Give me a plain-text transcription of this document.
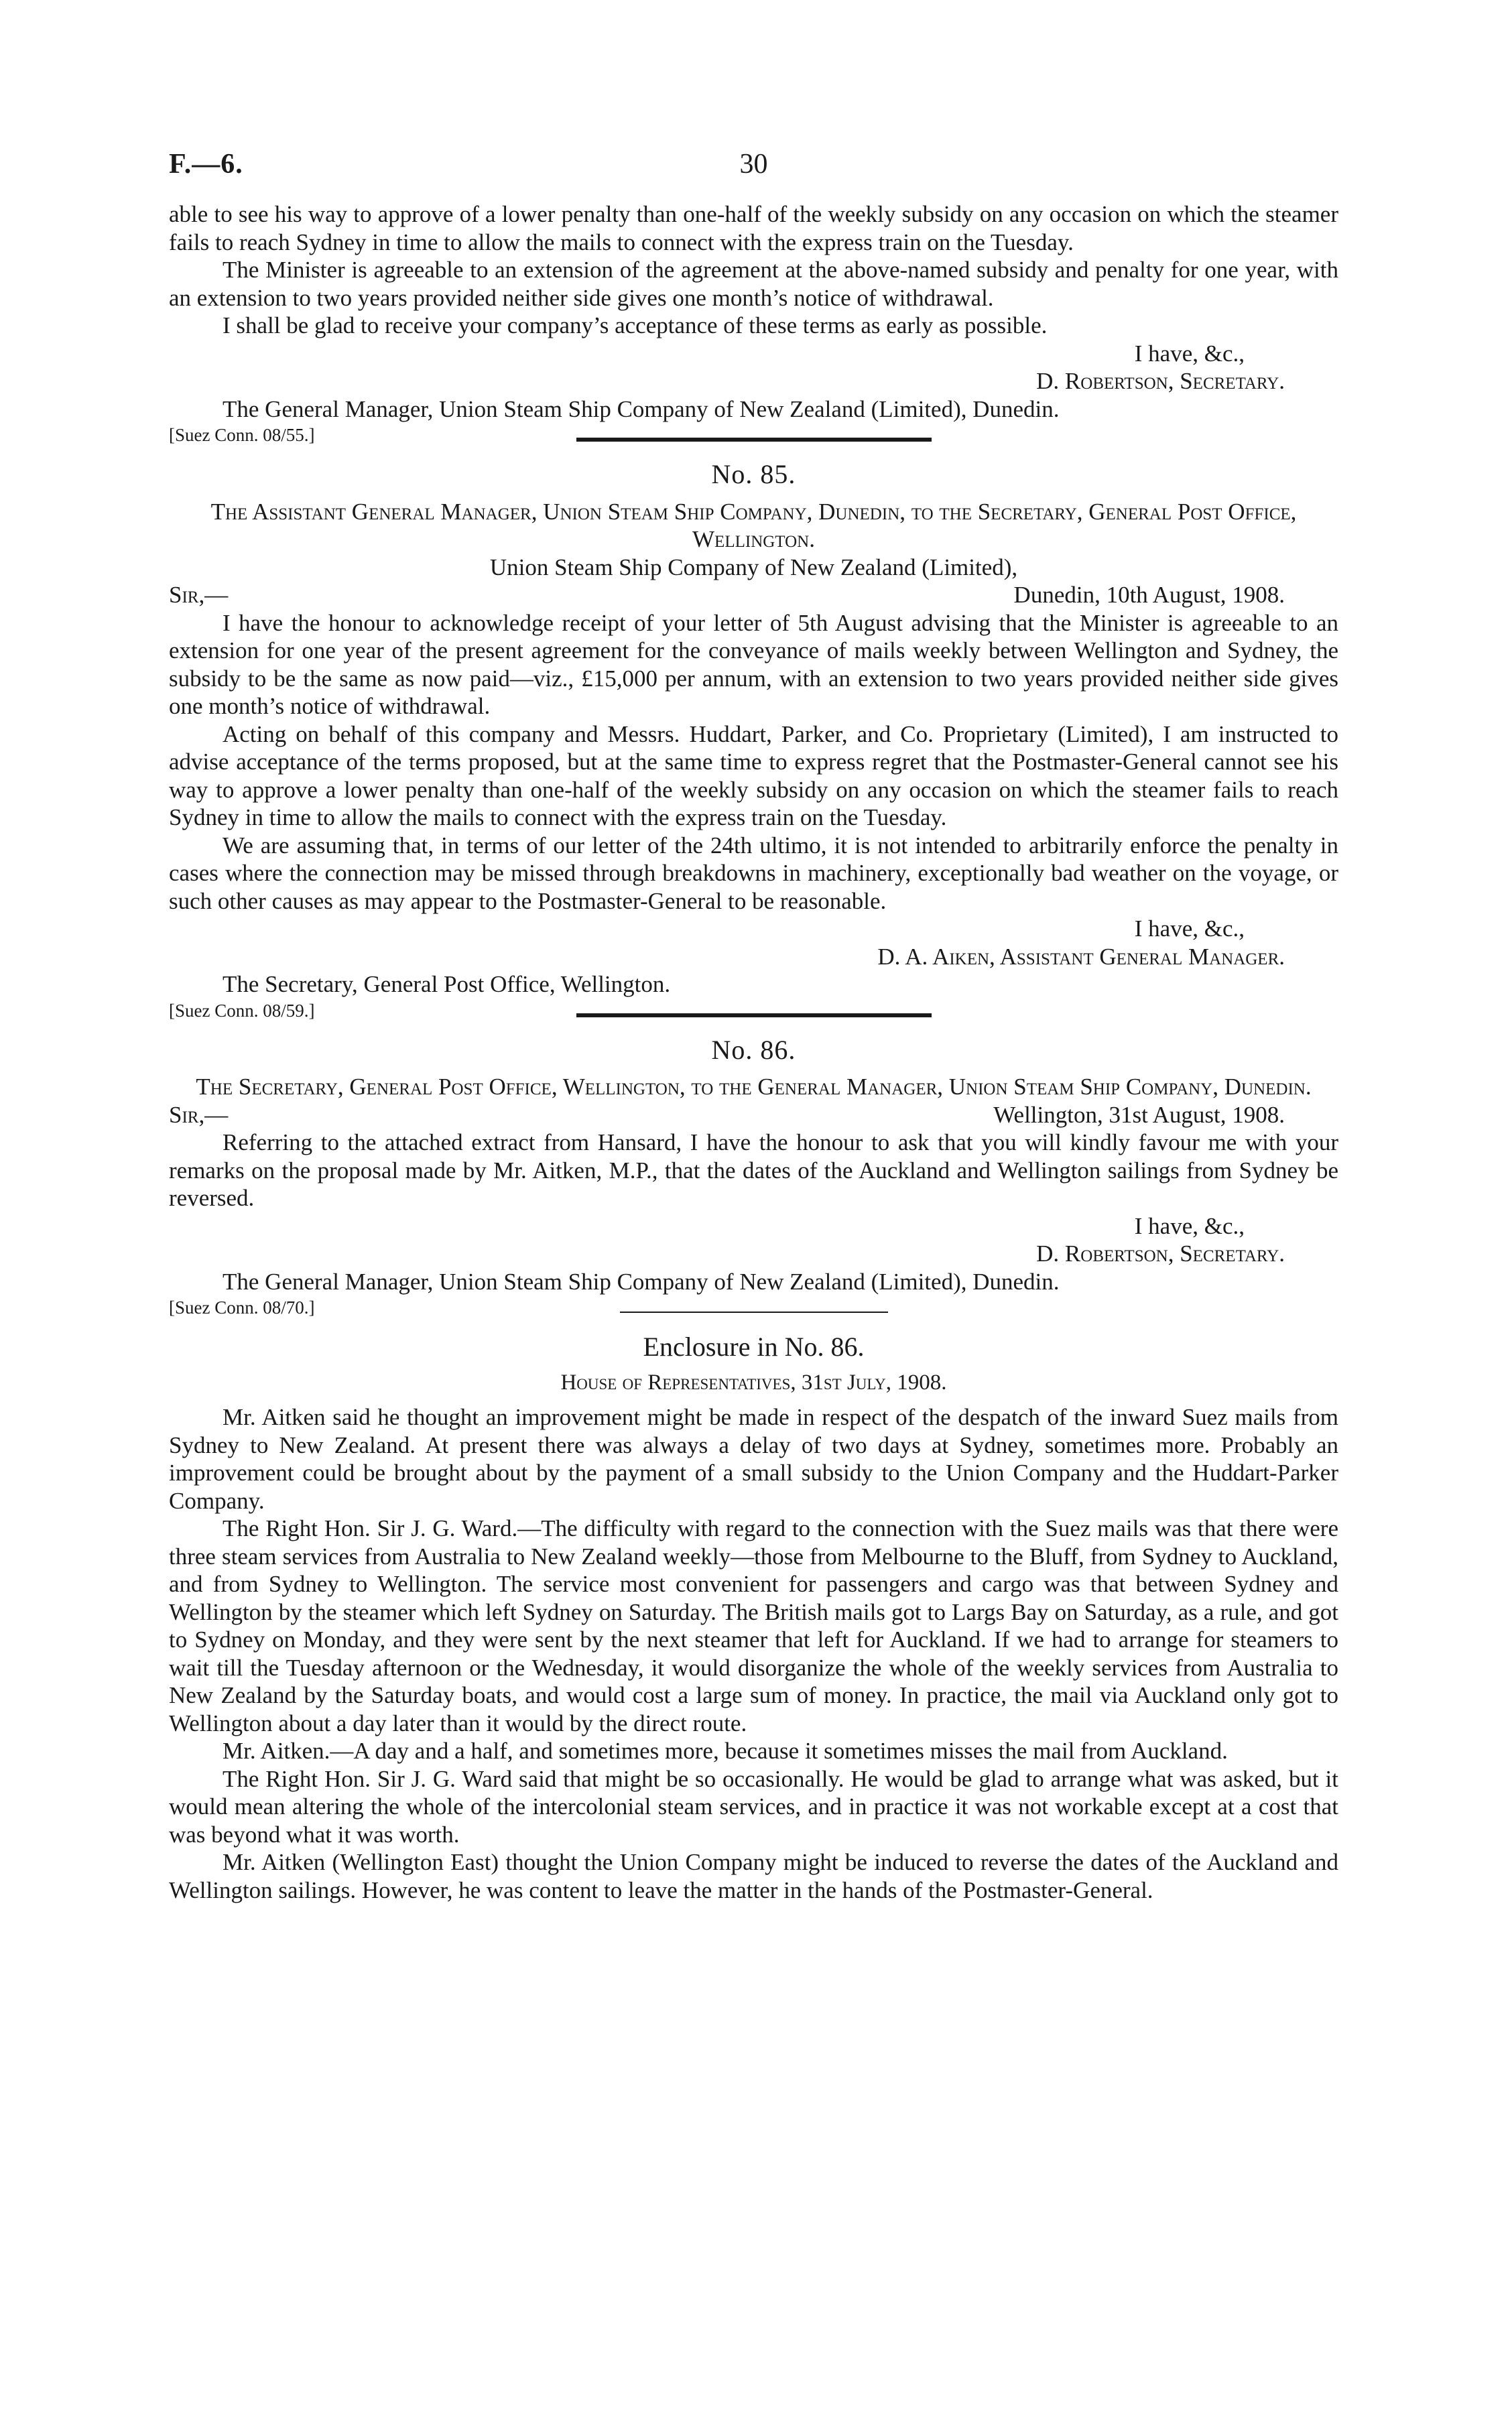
F.—6.	30

able to see his way to approve of a lower penalty than one-half of the weekly subsidy on any occasion on which the steamer fails to reach Sydney in time to allow the mails to connect with the express train on the Tuesday.

The Minister is agreeable to an extension of the agreement at the above-named subsidy and penalty for one year, with an extension to two years provided neither side gives one month’s notice of withdrawal.

I shall be glad to receive your company’s acceptance of these terms as early as possible.

I have, &c.,

D. Robertson, Secretary.

The General Manager, Union Steam Ship Company of New Zealand (Limited), Dunedin.

[Suez Conn. 08/55.]

No. 85.

The Assistant General Manager, Union Steam Ship Company, Dunedin, to the Secretary, General Post Office, Wellington.

Union Steam Ship Company of New Zealand (Limited),

Sir,—	Dunedin, 10th August, 1908.

I have the honour to acknowledge receipt of your letter of 5th August advising that the Minister is agreeable to an extension for one year of the present agreement for the conveyance of mails weekly between Wellington and Sydney, the subsidy to be the same as now paid—viz., £15,000 per annum, with an extension to two years provided neither side gives one month’s notice of withdrawal.

Acting on behalf of this company and Messrs. Huddart, Parker, and Co. Proprietary (Limited), I am instructed to advise acceptance of the terms proposed, but at the same time to express regret that the Postmaster-General cannot see his way to approve a lower penalty than one-half of the weekly subsidy on any occasion on which the steamer fails to reach Sydney in time to allow the mails to connect with the express train on the Tuesday.

We are assuming that, in terms of our letter of the 24th ultimo, it is not intended to arbitrarily enforce the penalty in cases where the connection may be missed through breakdowns in machinery, exceptionally bad weather on the voyage, or such other causes as may appear to the Postmaster-General to be reasonable.

I have, &c.,

D. A. Aiken, Assistant General Manager.

The Secretary, General Post Office, Wellington.

[Suez Conn. 08/59.]

No. 86.

The Secretary, General Post Office, Wellington, to the General Manager, Union Steam Ship Company, Dunedin.

Sir,—	Wellington, 31st August, 1908.

Referring to the attached extract from Hansard, I have the honour to ask that you will kindly favour me with your remarks on the proposal made by Mr. Aitken, M.P., that the dates of the Auckland and Wellington sailings from Sydney be reversed.

I have, &c.,

D. Robertson, Secretary.

The General Manager, Union Steam Ship Company of New Zealand (Limited), Dunedin.

[Suez Conn. 08/70.]

Enclosure in No. 86.

House of Representatives, 31st July, 1908.

Mr. Aitken said he thought an improvement might be made in respect of the despatch of the inward Suez mails from Sydney to New Zealand. At present there was always a delay of two days at Sydney, sometimes more. Probably an improvement could be brought about by the payment of a small subsidy to the Union Company and the Huddart-Parker Company.

The Right Hon. Sir J. G. Ward.—The difficulty with regard to the connection with the Suez mails was that there were three steam services from Australia to New Zealand weekly—those from Melbourne to the Bluff, from Sydney to Auckland, and from Sydney to Wellington. The service most convenient for passengers and cargo was that between Sydney and Wellington by the steamer which left Sydney on Saturday. The British mails got to Largs Bay on Saturday, as a rule, and got to Sydney on Monday, and they were sent by the next steamer that left for Auckland. If we had to arrange for steamers to wait till the Tuesday afternoon or the Wednesday, it would disorganize the whole of the weekly services from Australia to New Zealand by the Saturday boats, and would cost a large sum of money. In practice, the mail via Auckland only got to Wellington about a day later than it would by the direct route.

Mr. Aitken.—A day and a half, and sometimes more, because it sometimes misses the mail from Auckland.

The Right Hon. Sir J. G. Ward said that might be so occasionally. He would be glad to arrange what was asked, but it would mean altering the whole of the intercolonial steam services, and in practice it was not workable except at a cost that was beyond what it was worth.

Mr. Aitken (Wellington East) thought the Union Company might be induced to reverse the dates of the Auckland and Wellington sailings. However, he was content to leave the matter in the hands of the Postmaster-General.
